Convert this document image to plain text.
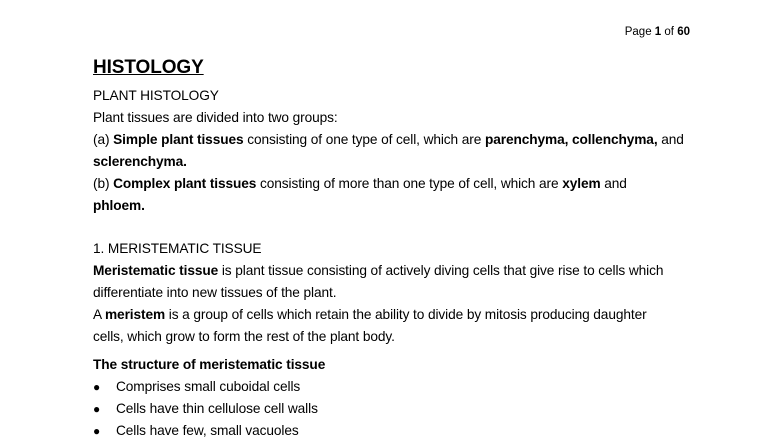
Page 1 of 60
HISTOLOGY
PLANT HISTOLOGY
Plant tissues are divided into two groups:
(a) Simple plant tissues consisting of one type of cell, which are parenchyma, collenchyma, and
sclerenchyma.
(b) Complex plant tissues consisting of more than one type of cell, which are xylem and
phloem.
1. MERISTEMATIC TISSUE
Meristematic tissue is plant tissue consisting of actively diving cells that give rise to cells which
differentiate into new tissues of the plant.
A meristem is a group of cells which retain the ability to divide by mitosis producing daughter
cells, which grow to form the rest of the plant body.
The structure of meristematic tissue
● Comprises small cuboidal cells
● Cells have thin cellulose cell walls
● Cells have few, small vacuoles
